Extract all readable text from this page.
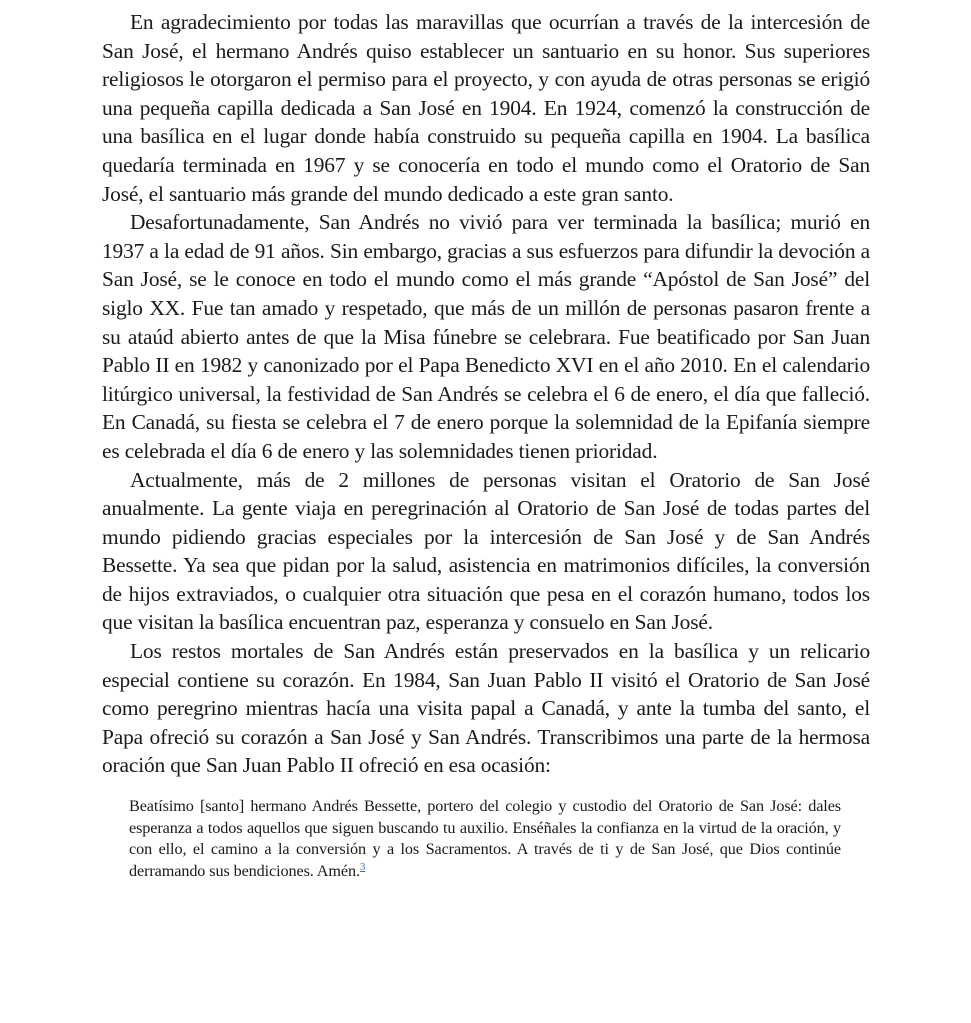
En agradecimiento por todas las maravillas que ocurrían a través de la intercesión de San José, el hermano Andrés quiso establecer un santuario en su honor. Sus superiores religiosos le otorgaron el permiso para el proyecto, y con ayuda de otras personas se erigió una pequeña capilla dedicada a San José en 1904. En 1924, comenzó la construcción de una basílica en el lugar donde había construido su pequeña capilla en 1904. La basílica quedaría terminada en 1967 y se conocería en todo el mundo como el Oratorio de San José, el santuario más grande del mundo dedicado a este gran santo.

Desafortunadamente, San Andrés no vivió para ver terminada la basílica; murió en 1937 a la edad de 91 años. Sin embargo, gracias a sus esfuerzos para difundir la devoción a San José, se le conoce en todo el mundo como el más grande “Apóstol de San José” del siglo XX. Fue tan amado y respetado, que más de un millón de personas pasaron frente a su ataúd abierto antes de que la Misa fúnebre se celebrara. Fue beatificado por San Juan Pablo II en 1982 y canonizado por el Papa Benedicto XVI en el año 2010. En el calendario litúrgico universal, la festividad de San Andrés se celebra el 6 de enero, el día que falleció. En Canadá, su fiesta se celebra el 7 de enero porque la solemnidad de la Epifanía siempre es celebrada el día 6 de enero y las solemnidades tienen prioridad.

Actualmente, más de 2 millones de personas visitan el Oratorio de San José anualmente. La gente viaja en peregrinación al Oratorio de San José de todas partes del mundo pidiendo gracias especiales por la intercesión de San José y de San Andrés Bessette. Ya sea que pidan por la salud, asistencia en matrimonios difíciles, la conversión de hijos extraviados, o cualquier otra situación que pesa en el corazón humano, todos los que visitan la basílica encuentran paz, esperanza y consuelo en San José.

Los restos mortales de San Andrés están preservados en la basílica y un relicario especial contiene su corazón. En 1984, San Juan Pablo II visitó el Oratorio de San José como peregrino mientras hacía una visita papal a Canadá, y ante la tumba del santo, el Papa ofreció su corazón a San José y San Andrés. Transcribimos una parte de la hermosa oración que San Juan Pablo II ofreció en esa ocasión:

Beatísimo [santo] hermano Andrés Bessette, portero del colegio y custodio del Oratorio de San José: dales esperanza a todos aquellos que siguen buscando tu auxilio. Enséñales la confianza en la virtud de la oración, y con ello, el camino a la conversión y a los Sacramentos. A través de ti y de San José, que Dios continúe derramando sus bendiciones. Amén.$^3$
